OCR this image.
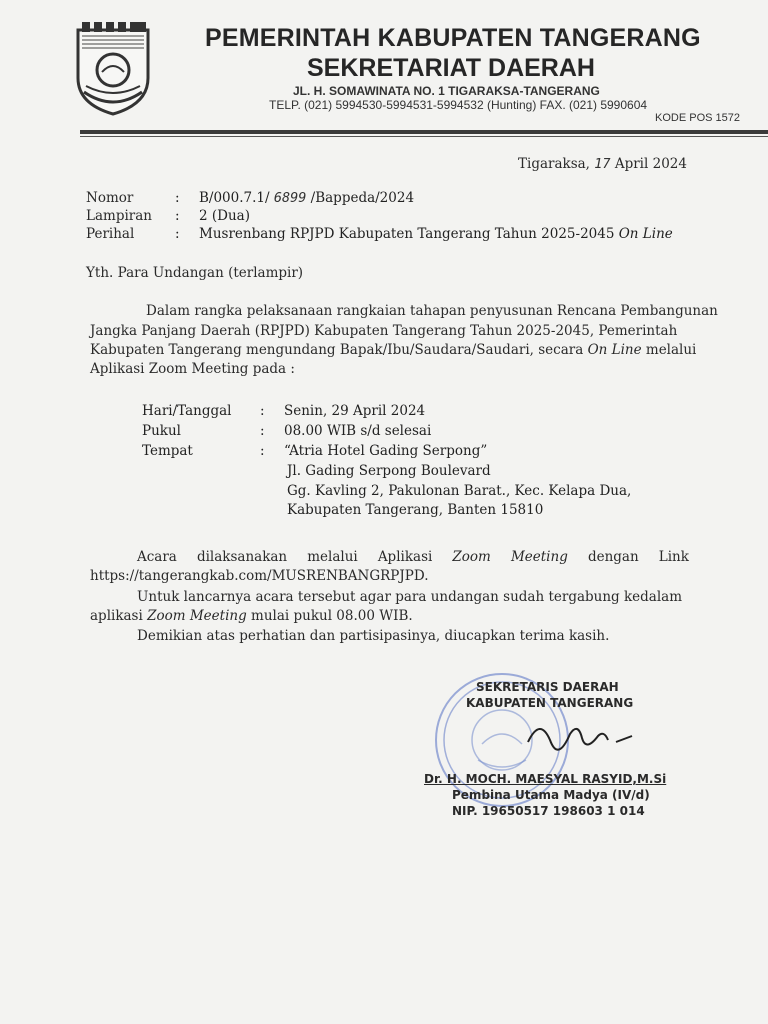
PEMERINTAH KABUPATEN TANGERANG
SEKRETARIAT DAERAH
JL. H. SOMAWINATA NO. 1 TIGARAKSA-TANGERANG
TELP. (021) 5994530-5994531-5994532 (Hunting) FAX. (021) 5990604
KODE POS 1572
Tigaraksa, 17 April 2024
Nomor	: B/000.7.1/ 6899 /Bappeda/2024
Lampiran : 2 (Dua)
Perihal	: Musrenbang RPJPD Kabupaten Tangerang Tahun 2025-2045 On Line
Yth. Para Undangan (terlampir)
Dalam rangka pelaksanaan rangkaian tahapan penyusunan Rencana Pembangunan
Jangka Panjang Daerah (RPJPD) Kabupaten Tangerang Tahun 2025-2045, Pemerintah
Kabupaten Tangerang mengundang Bapak/Ibu/Saudara/Saudari, secara On Line melalui
Aplikasi Zoom Meeting pada :
Hari/Tanggal : Senin, 29 April 2024
Pukul	: 08.00 WIB s/d selesai
Tempat	: “Atria Hotel Gading Serpong”
Jl. Gading Serpong Boulevard
Gg. Kavling 2, Pakulonan Barat., Kec. Kelapa Dua,
Kabupaten Tangerang, Banten 15810
Acara dilaksanakan melalui Aplikasi Zoom Meeting dengan Link
https://tangerangkab.com/MUSRENBANGRPJPD.
Untuk lancarnya acara tersebut agar para undangan sudah tergabung kedalam
aplikasi Zoom Meeting mulai pukul 08.00 WIB.
Demikian atas perhatian dan partisipasinya, diucapkan terima kasih.
SEKRETARIS DAERAH
KABUPATEN TANGERANG
Dr. H. MOCH. MAESYAL RASYID,M.Si
Pembina Utama Madya (IV/d)
NIP. 19650517 198603 1 014
